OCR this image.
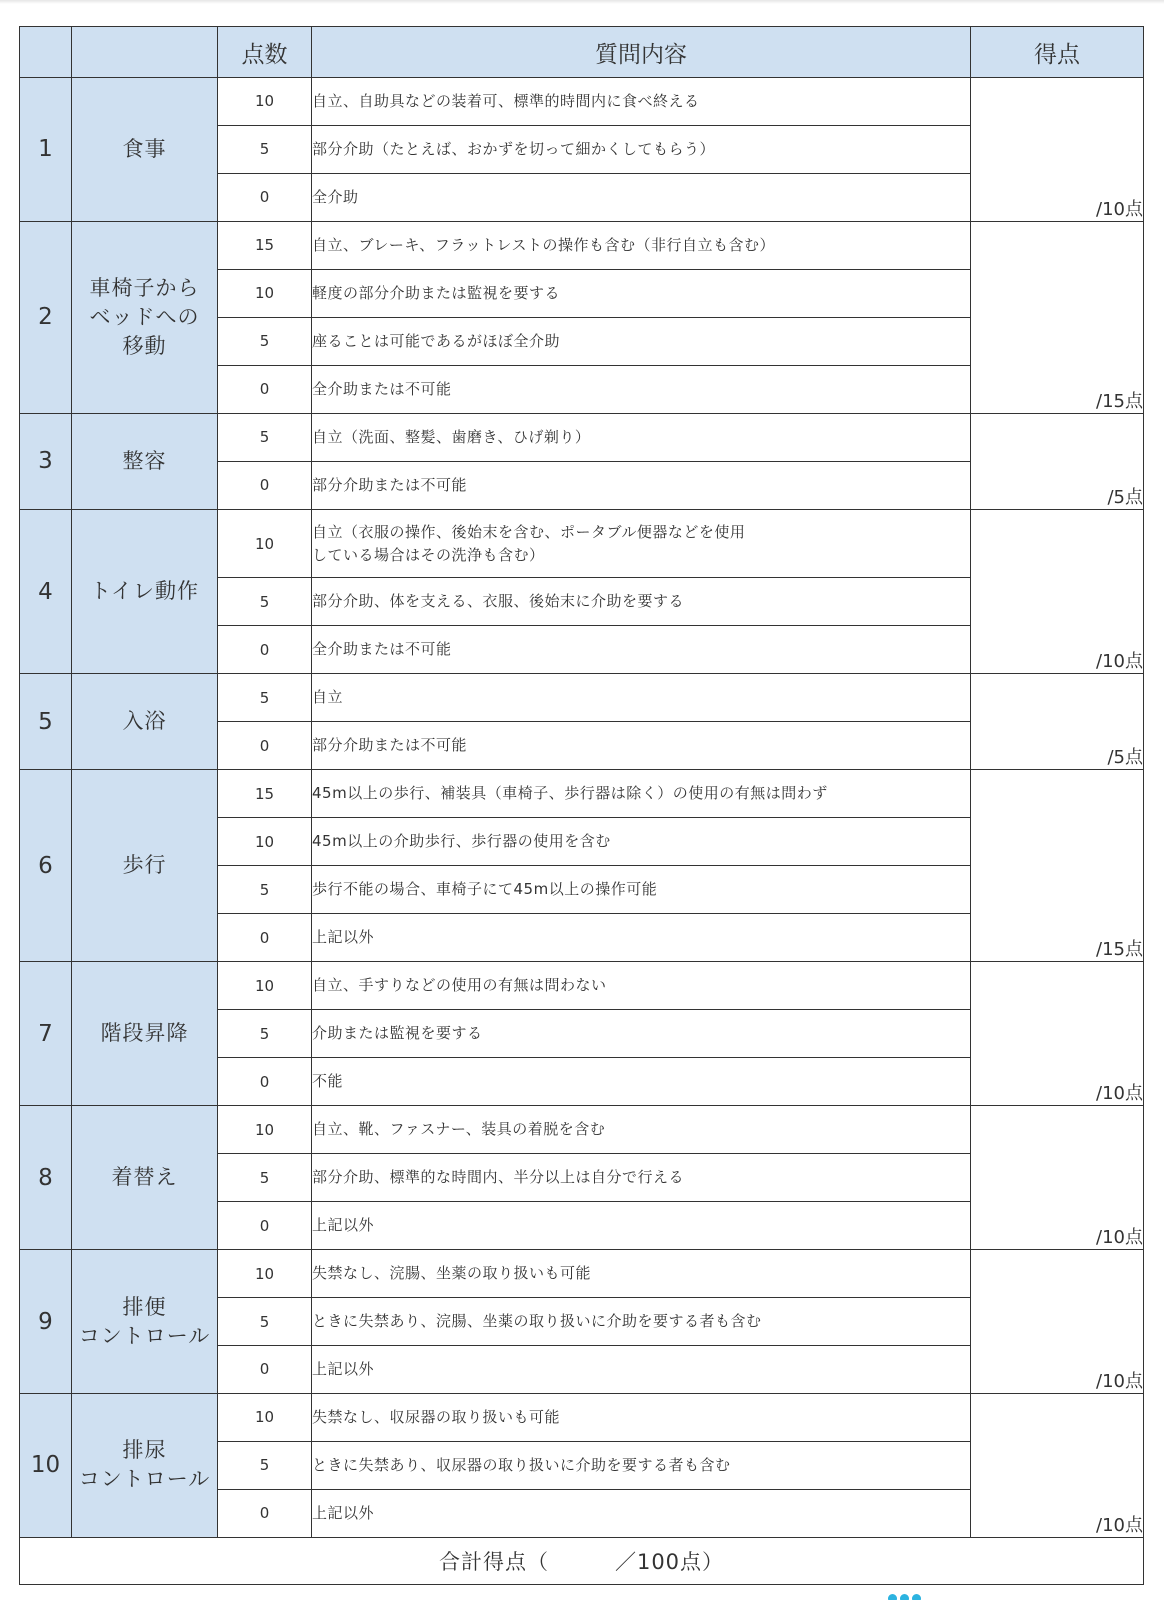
		点数	質問内容	得点
1	食事	10	自立、自助具などの装着可、標準的時間内に食べ終える	/10点
		5	部分介助（たとえば、おかずを切って細かくしてもらう）	
		0	全介助	
2	車椅子から
ベッドへの
移動	15	自立、ブレーキ、フラットレストの操作も含む（非行自立も含む）	/15点
		10	軽度の部分介助または監視を要する	
		5	座ることは可能であるがほぼ全介助	
		0	全介助または不可能	
3	整容	5	自立（洗面、整髪、歯磨き、ひげ剃り）	/5点
		0	部分介助または不可能	
4	トイレ動作	10	自立（衣服の操作、後始末を含む、ポータブル便器などを使用
している場合はその洗浄も含む）	/10点
		5	部分介助、体を支える、衣服、後始末に介助を要する	
		0	全介助または不可能	
5	入浴	5	自立	/5点
		0	部分介助または不可能	
6	歩行	15	45m以上の歩行、補装具（車椅子、歩行器は除く）の使用の有無は問わず	/15点
		10	45m以上の介助歩行、歩行器の使用を含む	
		5	歩行不能の場合、車椅子にて45m以上の操作可能	
		0	上記以外	
7	階段昇降	10	自立、手すりなどの使用の有無は問わない	/10点
		5	介助または監視を要する	
		0	不能	
8	着替え	10	自立、靴、ファスナー、装具の着脱を含む	/10点
		5	部分介助、標準的な時間内、半分以上は自分で行える	
		0	上記以外	
9	排便
コントロール	10	失禁なし、浣腸、坐薬の取り扱いも可能	/10点
		5	ときに失禁あり、浣腸、坐薬の取り扱いに介助を要する者も含む	
		0	上記以外	
10	排尿
コントロール	10	失禁なし、収尿器の取り扱いも可能	/10点
		5	ときに失禁あり、収尿器の取り扱いに介助を要する者も含む	
		0	上記以外	
合計得点（　　　／100点）				
